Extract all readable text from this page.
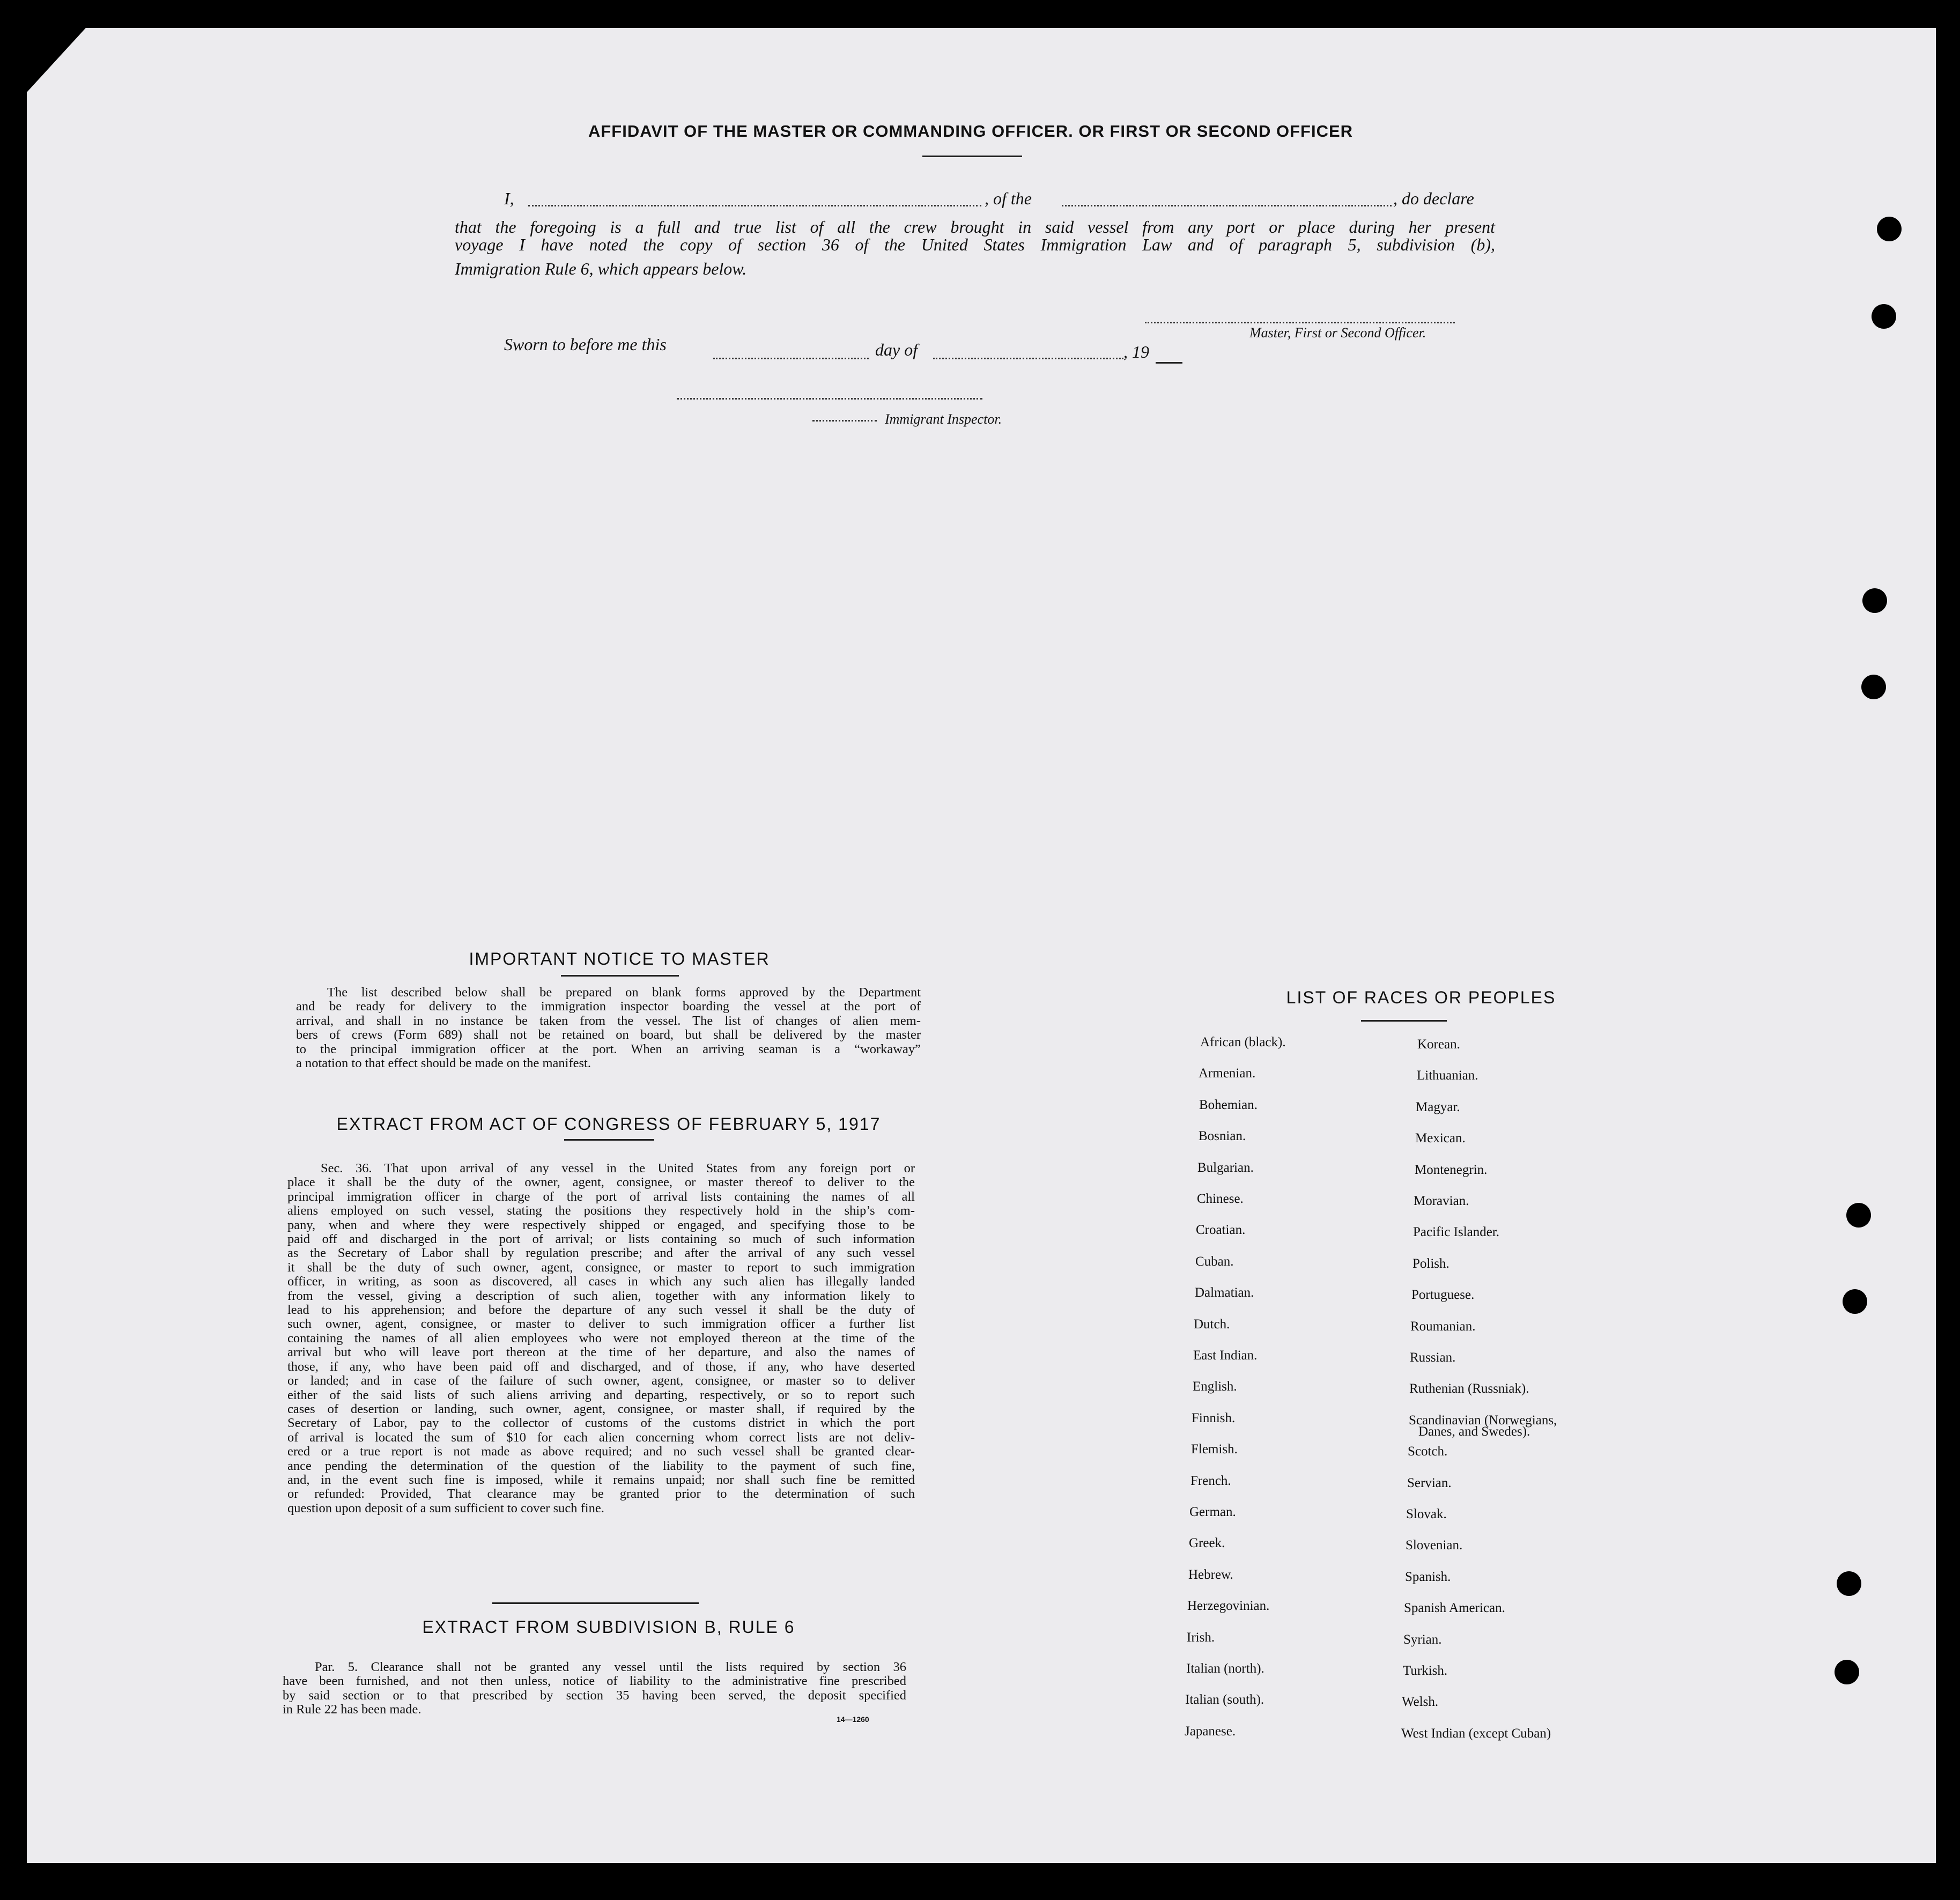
AFFIDAVIT OF THE MASTER OR COMMANDING OFFICER. OR FIRST OR SECOND OFFICER
I,	, of the	, do declare
that the foregoing is a full and true list of all the crew brought in said vessel from any port or place during her present
voyage I have noted the copy of section 36 of the United States Immigration Law and of paragraph 5, subdivision (b),
Immigration Rule 6, which appears below.
Master, First or Second Officer.
Sworn to before me this	day of	, 19
Immigrant Inspector.
IMPORTANT NOTICE TO MASTER
The list described below shall be prepared on blank forms approved by the Department
and be ready for delivery to the immigration inspector boarding the vessel at the port of
arrival, and shall in no instance be taken from the vessel. The list of changes of alien mem-
bers of crews (Form 689) shall not be retained on board, but shall be delivered by the master
to the principal immigration officer at the port. When an arriving seaman is a “workaway”
a notation to that effect should be made on the manifest.
EXTRACT FROM ACT OF CONGRESS OF FEBRUARY 5, 1917
Sec. 36. That upon arrival of any vessel in the United States from any foreign port or
place it shall be the duty of the owner, agent, consignee, or master thereof to deliver to the
principal immigration officer in charge of the port of arrival lists containing the names of all
aliens employed on such vessel, stating the positions they respectively hold in the ship’s com-
pany, when and where they were respectively shipped or engaged, and specifying those to be
paid off and discharged in the port of arrival; or lists containing so much of such information
as the Secretary of Labor shall by regulation prescribe; and after the arrival of any such vessel
it shall be the duty of such owner, agent, consignee, or master to report to such immigration
officer, in writing, as soon as discovered, all cases in which any such alien has illegally landed
from the vessel, giving a description of such alien, together with any information likely to
lead to his apprehension; and before the departure of any such vessel it shall be the duty of
such owner, agent, consignee, or master to deliver to such immigration officer a further list
containing the names of all alien employees who were not employed thereon at the time of the
arrival but who will leave port thereon at the time of her departure, and also the names of
those, if any, who have been paid off and discharged, and of those, if any, who have deserted
or landed; and in case of the failure of such owner, agent, consignee, or master so to deliver
either of the said lists of such aliens arriving and departing, respectively, or so to report such
cases of desertion or landing, such owner, agent, consignee, or master shall, if required by the
Secretary of Labor, pay to the collector of customs of the customs district in which the port
of arrival is located the sum of $10 for each alien concerning whom correct lists are not deliv-
ered or a true report is not made as above required; and no such vessel shall be granted clear-
ance pending the determination of the question of the liability to the payment of such fine,
and, in the event such fine is imposed, while it remains unpaid; nor shall such fine be remitted
or refunded: Provided, That clearance may be granted prior to the determination of such
question upon deposit of a sum sufficient to cover such fine.
EXTRACT FROM SUBDIVISION B, RULE 6
Par. 5. Clearance shall not be granted any vessel until the lists required by section 36
have been furnished, and not then unless, notice of liability to the administrative fine prescribed
by said section or to that prescribed by section 35 having been served, the deposit specified
in Rule 22 has been made.
14—1260
LIST OF RACES OR PEOPLES
African (black).
Armenian.
Bohemian.
Bosnian.
Bulgarian.
Chinese.
Croatian.
Cuban.
Dalmatian.
Dutch.
East Indian.
English.
Finnish.
Flemish.
French.
German.
Greek.
Hebrew.
Herzegovinian.
Irish.
Italian (north).
Italian (south).
Japanese.
Korean.
Lithuanian.
Magyar.
Mexican.
Montenegrin.
Moravian.
Pacific Islander.
Polish.
Portuguese.
Roumanian.
Russian.
Ruthenian (Russniak).
Scandinavian (Norwegians,
Scotch.
Servian.
Slovak.
Slovenian.
Spanish.
Spanish American.
Syrian.
Turkish.
Welsh.
West Indian (except Cuban)
Danes, and Swedes).
